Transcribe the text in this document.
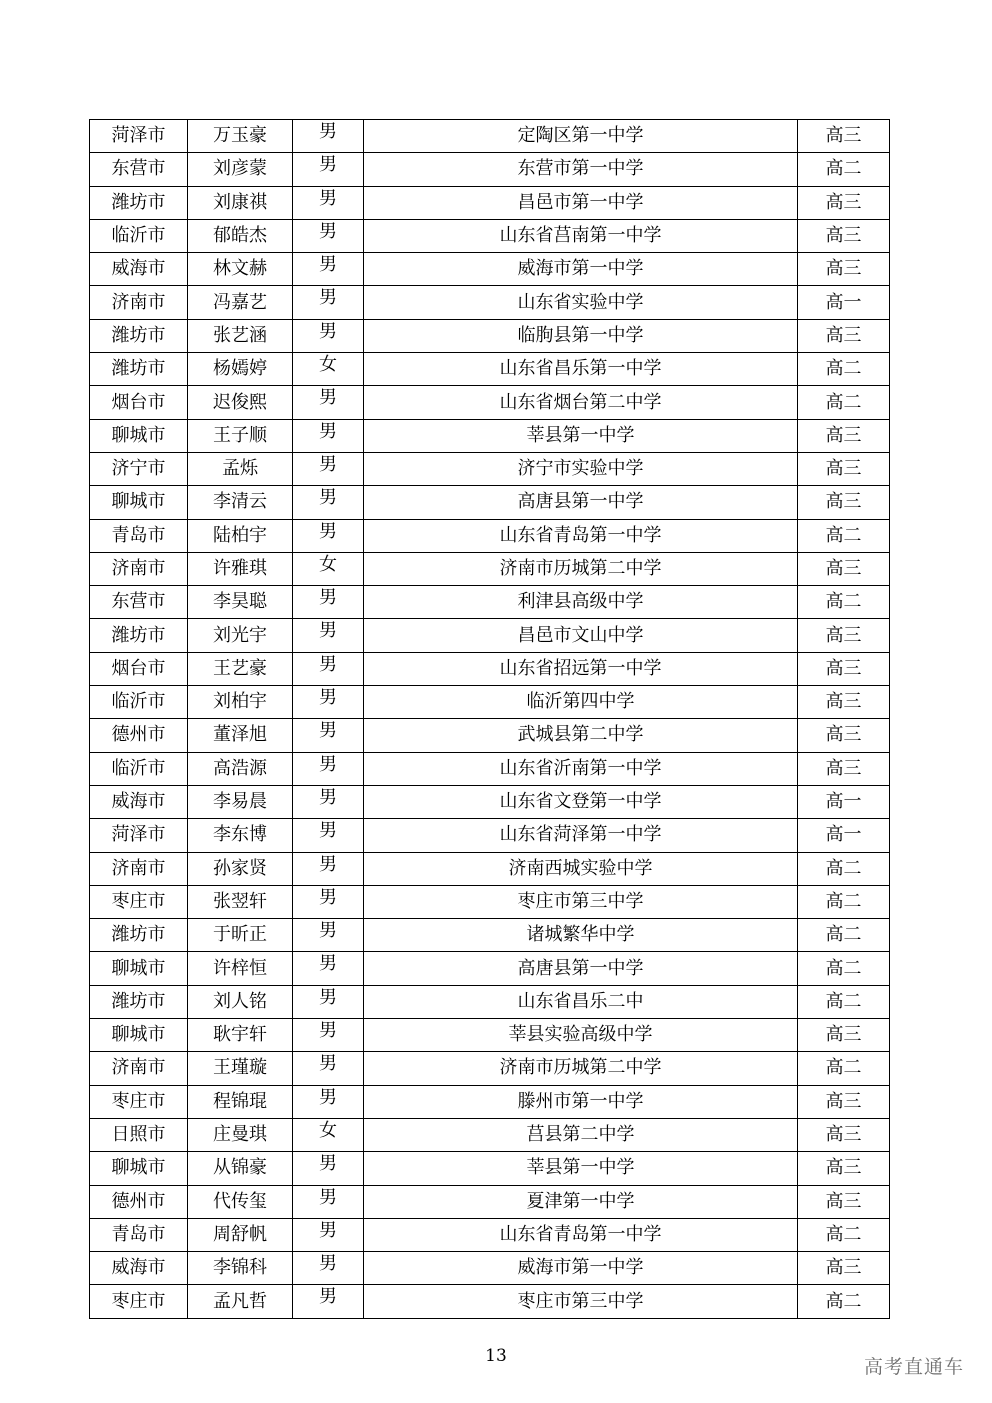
菏泽市	万玉豪	男	定陶区第一中学	高三
东营市	刘彦蒙	男	东营市第一中学	高二
潍坊市	刘康祺	男	昌邑市第一中学	高三
临沂市	郁皓杰	男	山东省莒南第一中学	高三
威海市	林文赫	男	威海市第一中学	高三
济南市	冯嘉艺	男	山东省实验中学	高一
潍坊市	张艺涵	男	临朐县第一中学	高三
潍坊市	杨嫣婷	女	山东省昌乐第一中学	高二
烟台市	迟俊熙	男	山东省烟台第二中学	高二
聊城市	王子顺	男	莘县第一中学	高三
济宁市	孟烁	男	济宁市实验中学	高三
聊城市	李清云	男	高唐县第一中学	高三
青岛市	陆柏宇	男	山东省青岛第一中学	高二
济南市	许雅琪	女	济南市历城第二中学	高三
东营市	李昊聪	男	利津县高级中学	高二
潍坊市	刘光宇	男	昌邑市文山中学	高三
烟台市	王艺豪	男	山东省招远第一中学	高三
临沂市	刘柏宇	男	临沂第四中学	高三
德州市	董泽旭	男	武城县第二中学	高三
临沂市	高浩源	男	山东省沂南第一中学	高三
威海市	李易晨	男	山东省文登第一中学	高一
菏泽市	李东博	男	山东省菏泽第一中学	高一
济南市	孙家贤	男	济南西城实验中学	高二
枣庄市	张翌轩	男	枣庄市第三中学	高二
潍坊市	于昕正	男	诸城繁华中学	高二
聊城市	许梓恒	男	高唐县第一中学	高二
潍坊市	刘人铭	男	山东省昌乐二中	高二
聊城市	耿宇轩	男	莘县实验高级中学	高三
济南市	王瑾璇	男	济南市历城第二中学	高二
枣庄市	程锦琨	男	滕州市第一中学	高三
日照市	庄曼琪	女	莒县第二中学	高三
聊城市	从锦豪	男	莘县第一中学	高三
德州市	代传玺	男	夏津第一中学	高三
青岛市	周舒帆	男	山东省青岛第一中学	高二
威海市	李锦科	男	威海市第一中学	高三
枣庄市	孟凡哲	男	枣庄市第三中学	高二
13	高考直通车
